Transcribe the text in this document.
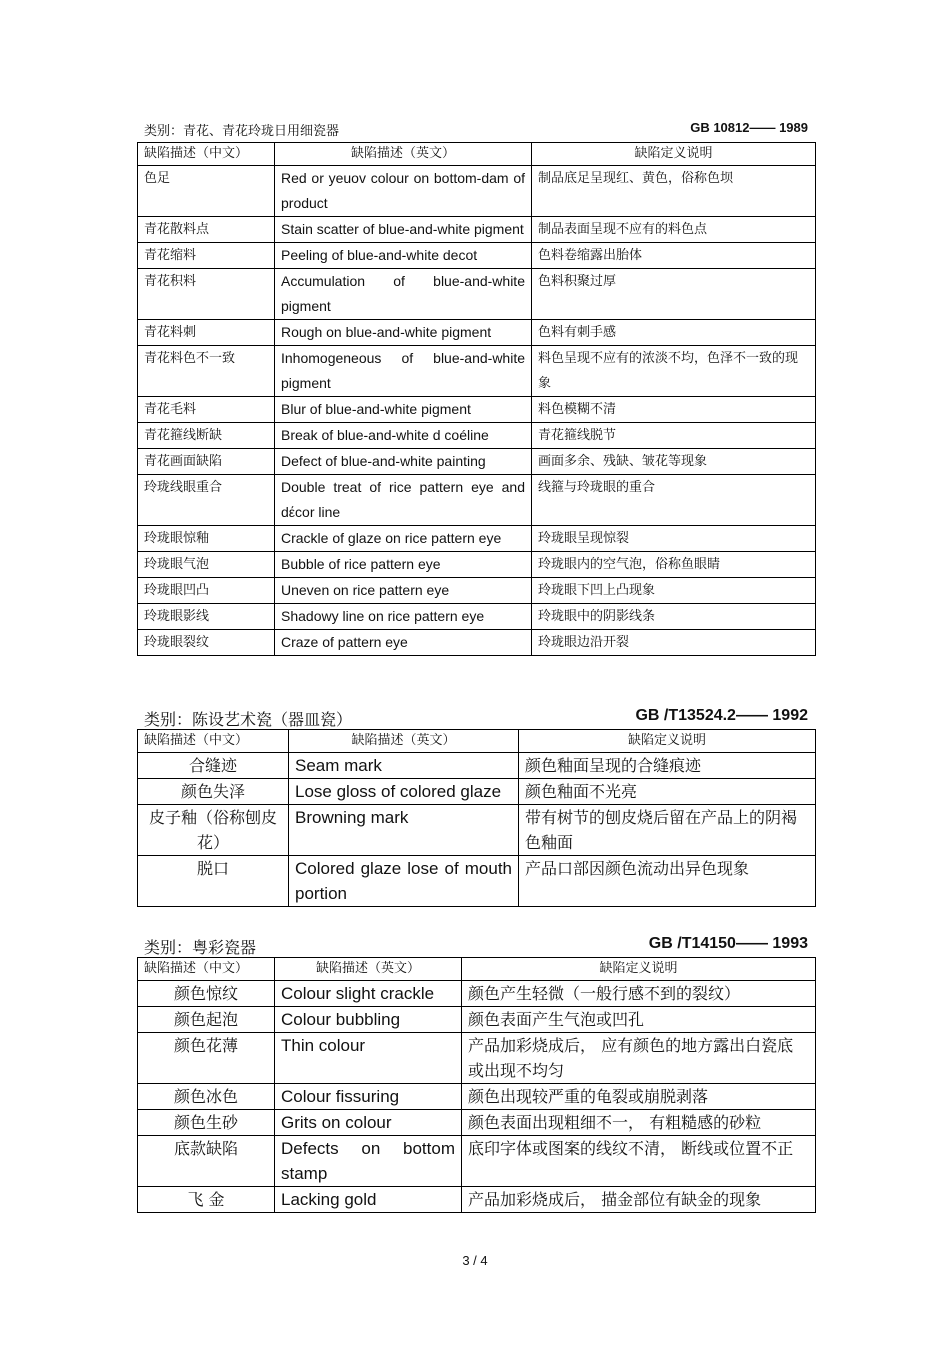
类别：青花、青花玲珑日用细瓷器	GB 10812—— 1989
缺陷描述（中文）	缺陷描述（英文）	缺陷定义说明
色足	Red or yeuov colour on bottom-dam of product	制品底足呈现红、黄色，俗称色坝
青花散料点	Stain scatter of blue-and-white pigment	制品表面呈现不应有的料色点
青花缩料	Peeling of blue-and-white decot	色料卷缩露出胎体
青花积料	Accumulation of blue-and-white pigment	色料积聚过厚
青花料刺	Rough on blue-and-white pigment	色料有刺手感
青花料色不一致	Inhomogeneous of blue-and-white pigment	料色呈现不应有的浓淡不均，色泽不一致的现象
青花毛料	Blur of blue-and-white pigment	料色模糊不清
青花箍线断缺	Break of blue-and-white d coéline	青花箍线脱节
青花画面缺陷	Defect of blue-and-white painting	画面多余、残缺、皱花等现象
玲珑线眼重合	Double treat of rice pattern eye and dέcor line	线箍与玲珑眼的重合
玲珑眼惊釉	Crackle of glaze on rice pattern eye	玲珑眼呈现惊裂
玲珑眼气泡	Bubble of rice pattern eye	玲珑眼内的空气泡，俗称鱼眼睛
玲珑眼凹凸	Uneven on rice pattern eye	玲珑眼下凹上凸现象
玲珑眼影线	Shadowy line on rice pattern eye	玲珑眼中的阴影线条
玲珑眼裂纹	Craze of pattern eye	玲珑眼边沿开裂
类别：陈设艺术瓷（器皿瓷）	GB /T13524.2—— 1992
缺陷描述（中文）	缺陷描述（英文）	缺陷定义说明
合缝迹	Seam mark	颜色釉面呈现的合缝痕迹
颜色失泽	Lose gloss of colored glaze	颜色釉面不光亮
皮子釉（俗称刨皮花）	Browning mark	带有树节的刨皮烧后留在产品上的阴褐色釉面
脱口	Colored glaze lose of mouth portion	产品口部因颜色流动出异色现象
类别：粤彩瓷器	GB /T14150—— 1993
缺陷描述（中文）	缺陷描述（英文）	缺陷定义说明
颜色惊纹	Colour slight crackle	颜色产生轻微（一般行感不到的裂纹）
颜色起泡	Colour bubbling	颜色表面产生气泡或凹孔
颜色花薄	Thin colour	产品加彩烧成后， 应有颜色的地方露出白瓷底或出现不均匀
颜色冰色	Colour fissuring	颜色出现较严重的龟裂或崩脱剥落
颜色生砂	Grits on colour	颜色表面出现粗细不一， 有粗糙感的砂粒
底款缺陷	Defects on bottom stamp	底印字体或图案的线纹不清， 断线或位置不正
飞 金	Lacking gold	产品加彩烧成后， 描金部位有缺金的现象
3 / 4
